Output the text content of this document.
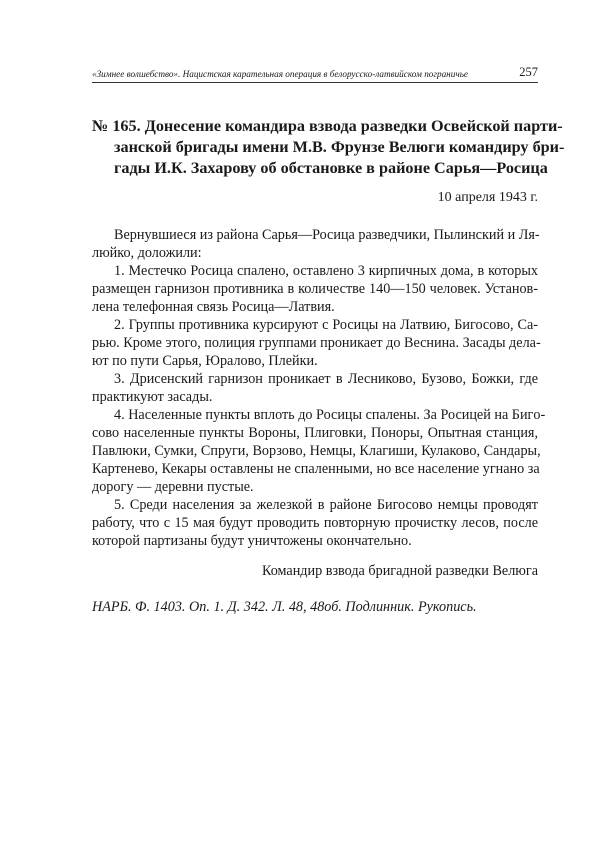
«Зимнее волшебство». Нацистская карательная операция в белорусско-латвийском пограничье	257
№ 165. Донесение командира взвода разведки Освейской парти-
занской бригады имени М.В. Фрунзе Велюги командиру бри-
гады И.К. Захарову об обстановке в районе Сарья—Росица
10 апреля 1943 г.
Вернувшиеся из района Сарья—Росица разведчики, Пылинский и Ля-
люйко, доложили:
1. Местечко Росица спалено, оставлено 3 кирпичных дома, в которых
размещен гарнизон противника в количестве 140—150 человек. Установ-
лена телефонная связь Росица—Латвия.
2. Группы противника курсируют с Росицы на Латвию, Бигосово, Са-
рью. Кроме этого, полиция группами проникает до Веснина. Засады дела-
ют по пути Сарья, Юралово, Плейки.
3. Дрисенский гарнизон проникает в Лесниково, Бузово, Божки, где
практикуют засады.
4. Населенные пункты вплоть до Росицы спалены. За Росицей на Бигo-
сово населенные пункты Вороны, Плиговки, Поноры, Опытная станция,
Павлюки, Сумки, Спруги, Ворзово, Немцы, Клагиши, Кулаково, Сандары,
Картенево, Кекары оставлены не спаленными, но все население угнано за
дорогу — деревни пустые.
5. Среди населения за железкой в районе Бигосово немцы проводят
работу, что с 15 мая будут проводить повторную прочистку лесов, после
которой партизаны будут уничтожены окончательно.
Командир взвода бригадной разведки Велюга
НАРБ. Ф. 1403. Оп. 1. Д. 342. Л. 48, 48об. Подлинник. Рукопись.
